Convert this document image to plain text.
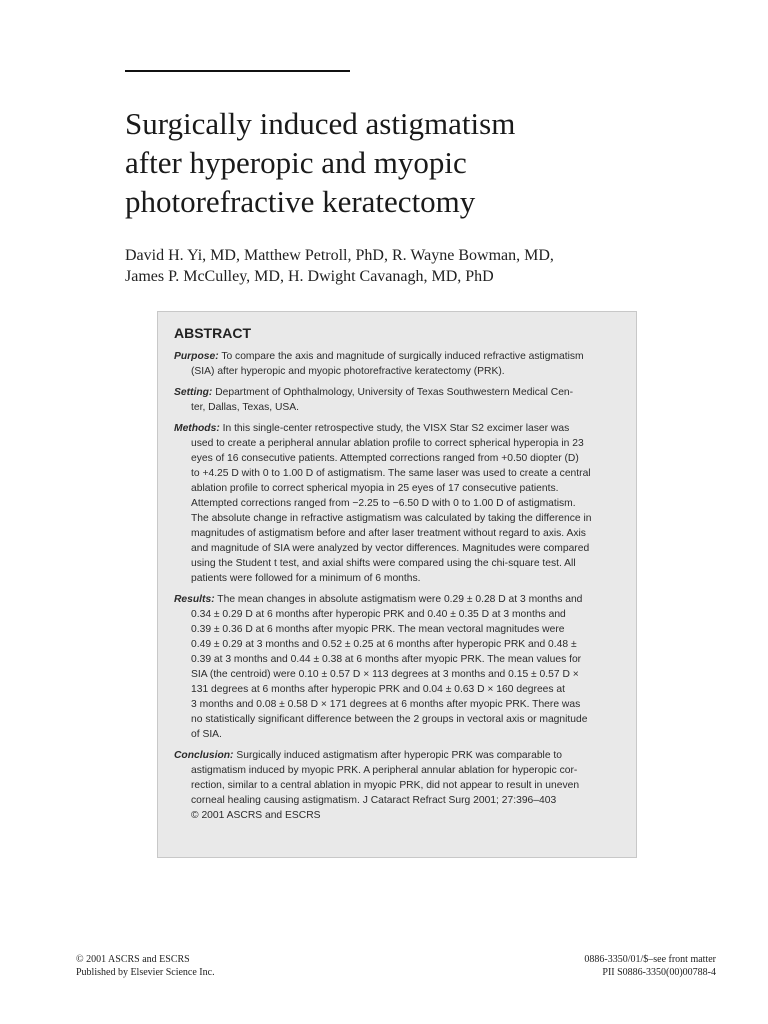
Surgically induced astigmatism
after hyperopic and myopic
photorefractive keratectomy
David H. Yi, MD, Matthew Petroll, PhD, R. Wayne Bowman, MD,
James P. McCulley, MD, H. Dwight Cavanagh, MD, PhD
ABSTRACT
Purpose: To compare the axis and magnitude of surgically induced refractive astigmatism
(SIA) after hyperopic and myopic photorefractive keratectomy (PRK).
Setting: Department of Ophthalmology, University of Texas Southwestern Medical Cen-
ter, Dallas, Texas, USA.
Methods: In this single-center retrospective study, the VISX Star S2 excimer laser was
used to create a peripheral annular ablation profile to correct spherical hyperopia in 23
eyes of 16 consecutive patients. Attempted corrections ranged from +0.50 diopter (D)
to +4.25 D with 0 to 1.00 D of astigmatism. The same laser was used to create a central
ablation profile to correct spherical myopia in 25 eyes of 17 consecutive patients.
Attempted corrections ranged from −2.25 to −6.50 D with 0 to 1.00 D of astigmatism.
The absolute change in refractive astigmatism was calculated by taking the difference in
magnitudes of astigmatism before and after laser treatment without regard to axis. Axis
and magnitude of SIA were analyzed by vector differences. Magnitudes were compared
using the Student t test, and axial shifts were compared using the chi-square test. All
patients were followed for a minimum of 6 months.
Results: The mean changes in absolute astigmatism were 0.29 ± 0.28 D at 3 months and
0.34 ± 0.29 D at 6 months after hyperopic PRK and 0.40 ± 0.35 D at 3 months and
0.39 ± 0.36 D at 6 months after myopic PRK. The mean vectoral magnitudes were
0.49 ± 0.29 at 3 months and 0.52 ± 0.25 at 6 months after hyperopic PRK and 0.48 ±
0.39 at 3 months and 0.44 ± 0.38 at 6 months after myopic PRK. The mean values for
SIA (the centroid) were 0.10 ± 0.57 D × 113 degrees at 3 months and 0.15 ± 0.57 D ×
131 degrees at 6 months after hyperopic PRK and 0.04 ± 0.63 D × 160 degrees at
3 months and 0.08 ± 0.58 D × 171 degrees at 6 months after myopic PRK. There was
no statistically significant difference between the 2 groups in vectoral axis or magnitude
of SIA.
Conclusion: Surgically induced astigmatism after hyperopic PRK was comparable to
astigmatism induced by myopic PRK. A peripheral annular ablation for hyperopic cor-
rection, similar to a central ablation in myopic PRK, did not appear to result in uneven
corneal healing causing astigmatism. J Cataract Refract Surg 2001; 27:396–403
© 2001 ASCRS and ESCRS
© 2001 ASCRS and ESCRS
Published by Elsevier Science Inc.
0886-3350/01/$–see front matter
PII S0886-3350(00)00788-4
